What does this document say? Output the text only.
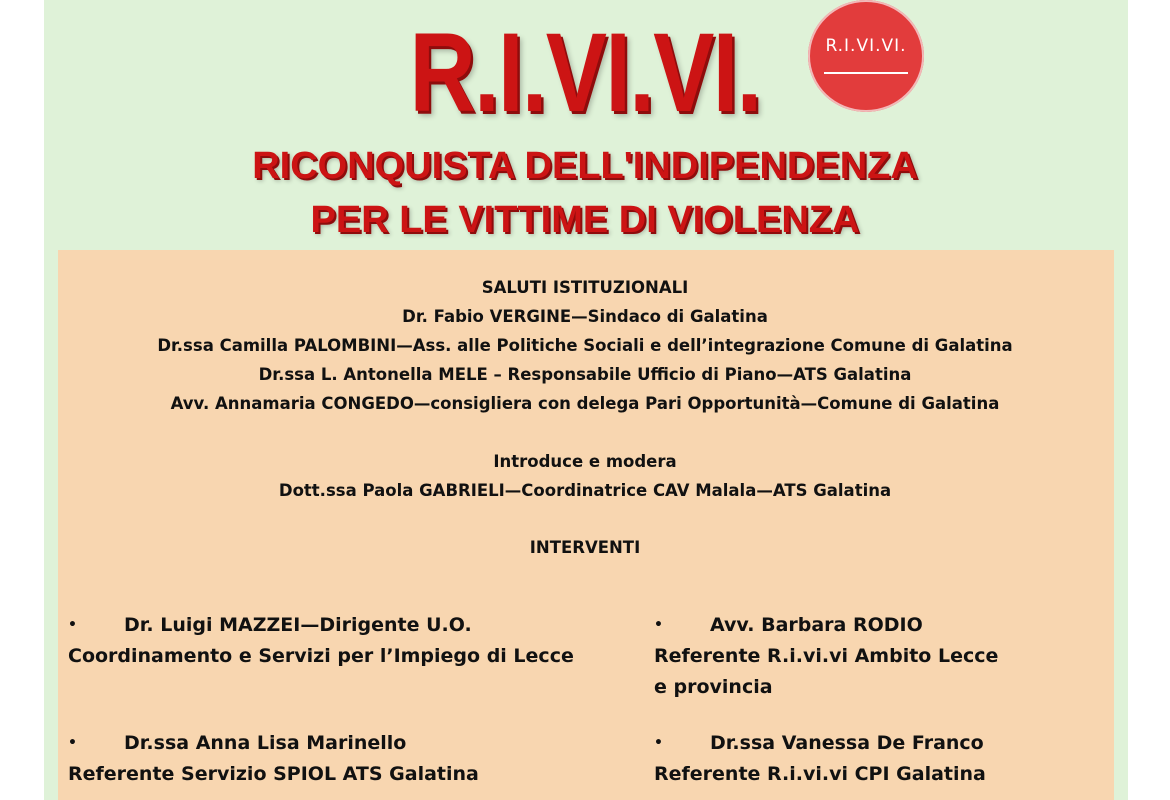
R.I.VI.VI.	R.I.VI.VI.
RICONQUISTA DELL'INDIPENDENZA
PER LE VITTIME DI VIOLENZA
SALUTI ISTITUZIONALI
Dr. Fabio VERGINE—Sindaco di Galatina
Dr.ssa Camilla PALOMBINI—Ass. alle Politiche Sociali e dell’integrazione Comune di Galatina
Dr.ssa L. Antonella MELE – Responsabile Ufficio di Piano—ATS Galatina
Avv. Annamaria CONGEDO—consigliera con delega Pari Opportunità—Comune di Galatina
Introduce e modera
Dott.ssa Paola GABRIELI—Coordinatrice CAV Malala—ATS Galatina
INTERVENTI
• Dr. Luigi MAZZEI—Dirigente U.O.
Coordinamento e Servizi per l’Impiego di Lecce
• Dr.ssa Anna Lisa Marinello
Referente Servizio SPIOL ATS Galatina
• Avv. Barbara RODIO
Referente R.i.vi.vi Ambito Lecce
e provincia
• Dr.ssa Vanessa De Franco
Referente R.i.vi.vi CPI Galatina
